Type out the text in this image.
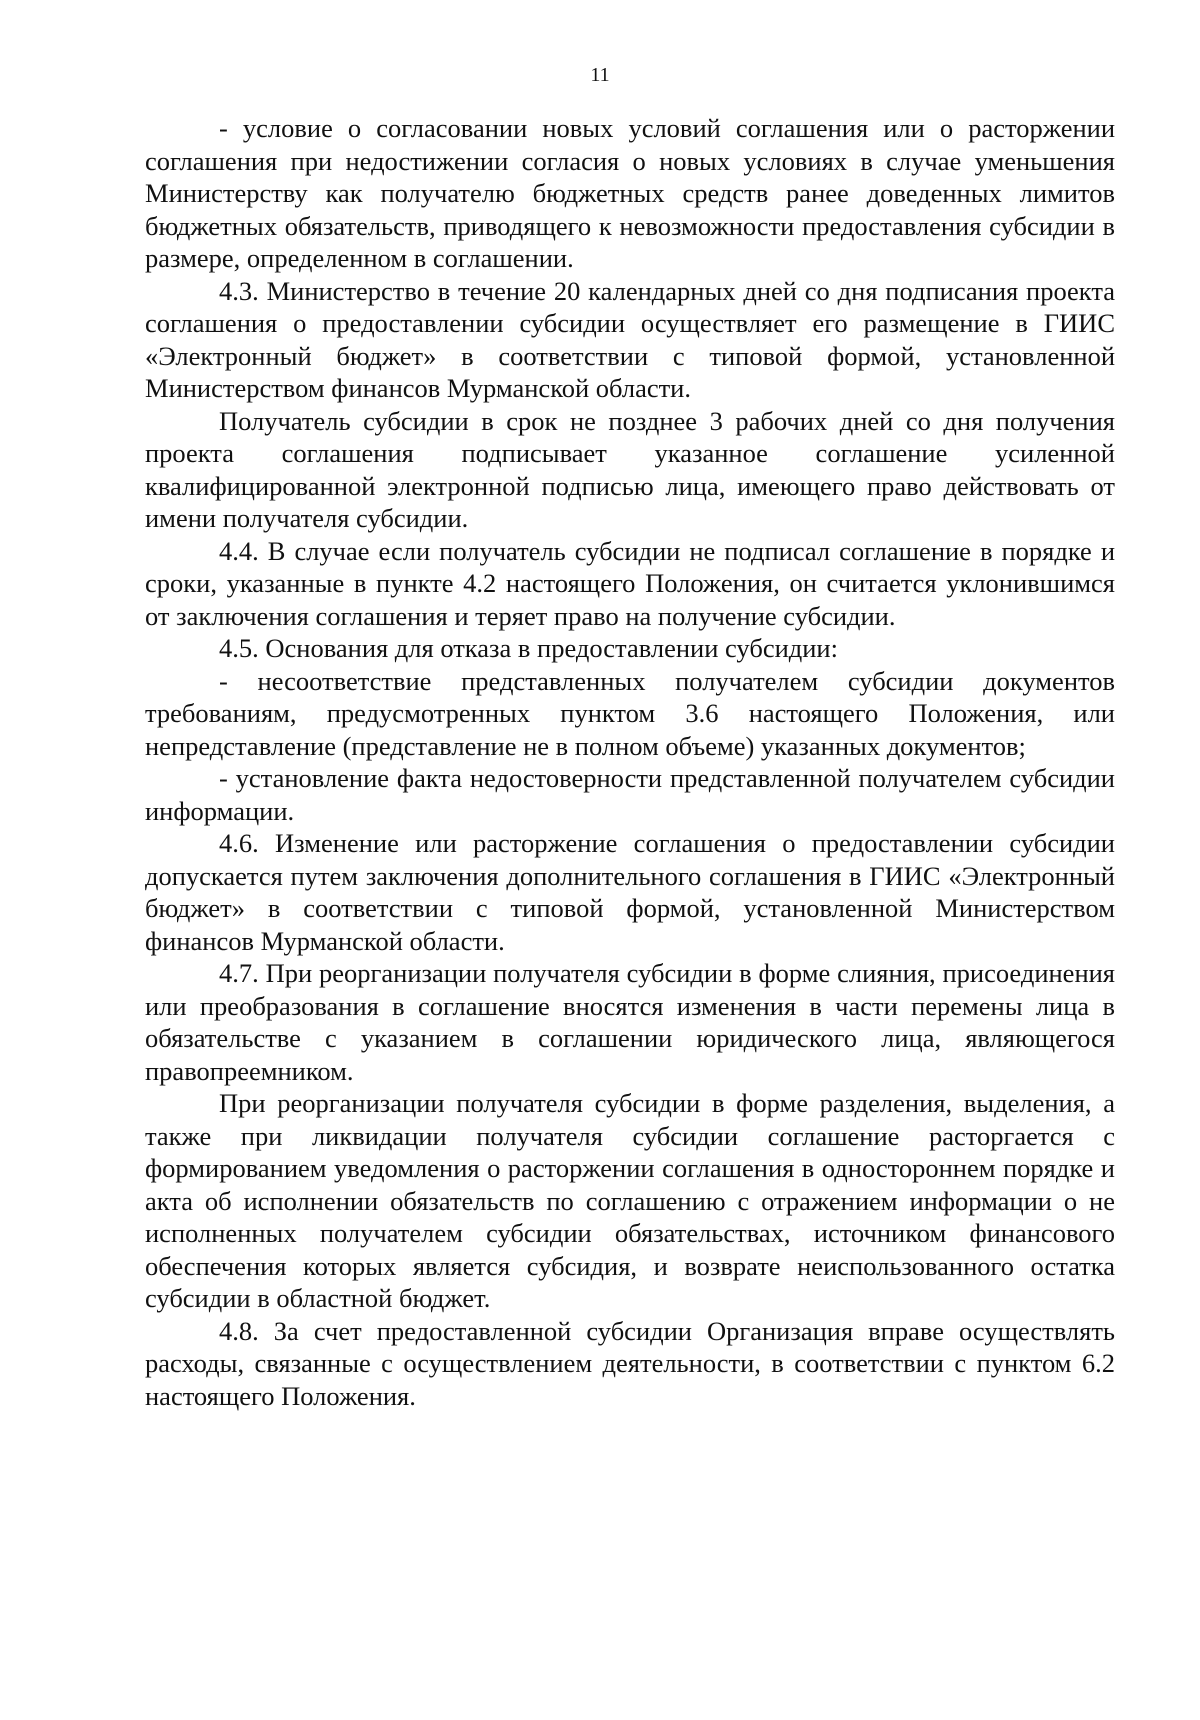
11

- условие о согласовании новых условий соглашения или о расторжении соглашения при недостижении согласия о новых условиях в случае уменьшения Министерству как получателю бюджетных средств ранее доведенных лимитов бюджетных обязательств, приводящего к невозможности предоставления субсидии в размере, определенном в соглашении.

4.3. Министерство в течение 20 календарных дней со дня подписания проекта соглашения о предоставлении субсидии осуществляет его размещение в ГИИС «Электронный бюджет» в соответствии с типовой формой, установленной Министерством финансов Мурманской области.

Получатель субсидии в срок не позднее 3 рабочих дней со дня получения проекта соглашения подписывает указанное соглашение усиленной квалифицированной электронной подписью лица, имеющего право действовать от имени получателя субсидии.

4.4. В случае если получатель субсидии не подписал соглашение в порядке и сроки, указанные в пункте 4.2 настоящего Положения, он считается уклонившимся от заключения соглашения и теряет право на получение субсидии.

4.5. Основания для отказа в предоставлении субсидии:

- несоответствие представленных получателем субсидии документов требованиям, предусмотренных пунктом 3.6 настоящего Положения, или непредставление (представление не в полном объеме) указанных документов;

- установление факта недостоверности представленной получателем субсидии информации.

4.6. Изменение или расторжение соглашения о предоставлении субсидии допускается путем заключения дополнительного соглашения в ГИИС «Электронный бюджет» в соответствии с типовой формой, установленной Министерством финансов Мурманской области.

4.7. При реорганизации получателя субсидии в форме слияния, присоединения или преобразования в соглашение вносятся изменения в части перемены лица в обязательстве с указанием в соглашении юридического лица, являющегося правопреемником.

При реорганизации получателя субсидии в форме разделения, выделения, а также при ликвидации получателя субсидии соглашение расторгается с формированием уведомления о расторжении соглашения в одностороннем порядке и акта об исполнении обязательств по соглашению с отражением информации о не исполненных получателем субсидии обязательствах, источником финансового обеспечения которых является субсидия, и возврате неиспользованного остатка субсидии в областной бюджет.

4.8. За счет предоставленной субсидии Организация вправе осуществлять расходы, связанные с осуществлением деятельности, в соответствии с пунктом 6.2 настоящего Положения.
